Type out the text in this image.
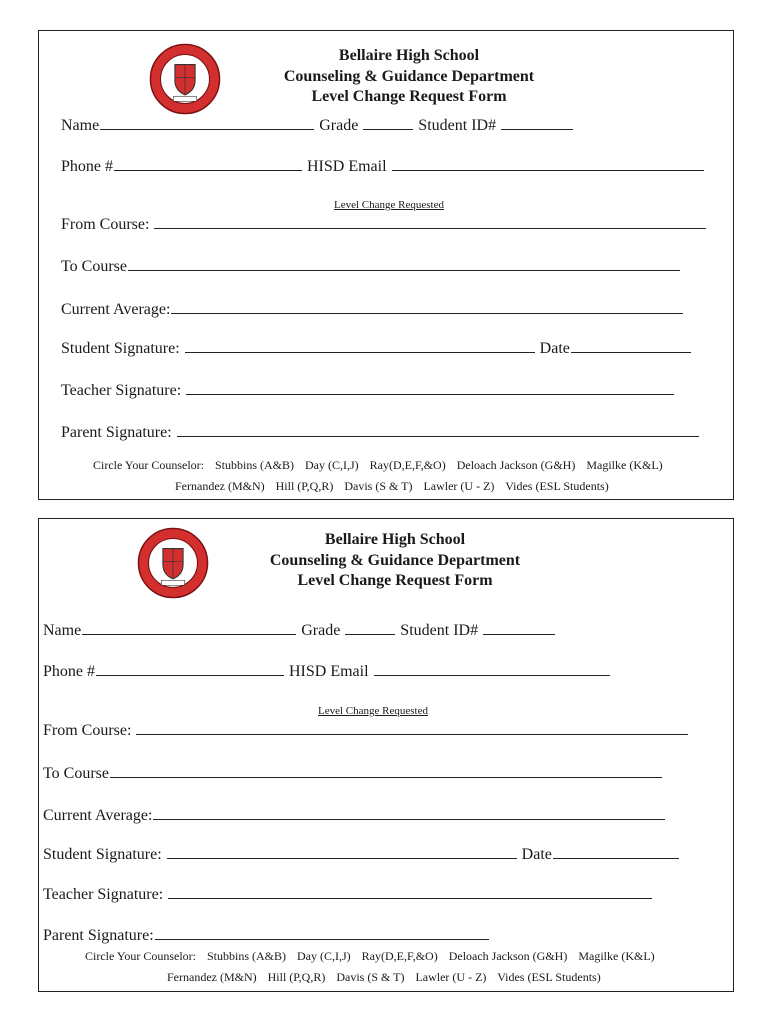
Bellaire High School
Counseling & Guidance Department
Level Change Request Form
Name	Grade	Student ID#
Phone #	HISD Email
Level Change Requested
From Course:
To Course
Current Average:
Student Signature:	Date
Teacher Signature:
Parent Signature:
Circle Your Counselor: Stubbins (A&B) Day (C,I,J) Ray(D,E,F,&O) Deloach Jackson (G&H) Magilke (K&L)
Fernandez (M&N) Hill (P,Q,R) Davis (S & T) Lawler (U - Z) Vides (ESL Students)
Bellaire High School
Counseling & Guidance Department
Level Change Request Form
Name	Grade	Student ID#
Phone #	HISD Email
Level Change Requested
From Course:
To Course
Current Average:
Student Signature:	Date
Teacher Signature:
Parent Signature:
Circle Your Counselor: Stubbins (A&B) Day (C,I,J) Ray(D,E,F,&O) Deloach Jackson (G&H) Magilke (K&L)
Fernandez (M&N) Hill (P,Q,R) Davis (S & T) Lawler (U - Z) Vides (ESL Students)
